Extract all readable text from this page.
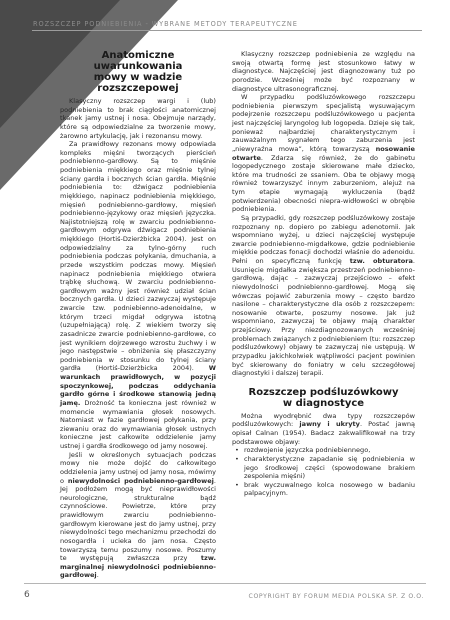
ROZSZCZEP PODNIEBIENIA - WYBRANE METODY TERAPEUTYCZNE
Anatomiczne uwarunkowania
mowy w wadzie rozszczepowej

Klasyczny rozszczep wargi i (lub) podniebienia to brak ciągłości anatomicznej tkanek jamy ustnej i nosa. Obejmuje narządy, które są odpowiedzialne za tworzenie mowy, żarowno artykulację, jak i rezonansu mowy.

Za prawidłowy rezonans mowy odpowiada kompleks mięśni tworzących pierścień podniebienno-gardłowy. Są to mięśnie podniebienia miękkiego oraz mięśnie tylnej ściany gardła i bocznych ścian gardła. Mięśnie podniebienia to: dźwigacz podniebienia miękkiego, napinacz podniebienia miękkiego, mięsień podniebienno-gardłowy, mięsień podniebienno-językowy oraz mięsień języczka. Najistotniejszą rolę w zwarciu podniebienno-gardłowym odgrywa dźwigacz podniebienia miękkiego (Hortiś-Dzierżbicka 2004). Jest on odpowiedzialny za tylno-górny ruch podniebienia podczas połykania, dmuchania, a przede wszystkim podczas mowy. Mięsień napinacz podniebienia miękkiego otwiera trąbkę słuchową. W zwarciu podniebienno-gardłowym ważny jest również udział ścian bocznych gardła. U dzieci zazwyczaj występuje zwarcie tzw. podniebienno-adenoidalne, w którym trzeci migdał odgrywa istotną (uzupełniającą) rolę. Z wiekiem tworzy się zasadnicze zwarcie podniebienno-gardłowe, co jest wynikiem dojrzewego wzrostu żuchwy i w jego następstwie – obniżenia się płaszczyzny podniebienia w stosunku do tylnej ściany gardła (Hortiś-Dzierżbicka 2004). W warunkach prawidłowych, w pozycji spoczynkowej, podczas oddychania gardło górne i środkowe stanowią jedną jamę. Drożność ta konieczna jest również w momencie wymawiania głosek nosowych. Natomiast w fazie gardłowej połykania, przy ziewaniu oraz do wymawiania głosek ustnych konieczne jest całkowite oddzielenie jamy ustnej i gardła środkowego od jamy nosowej.

Jeśli w określonych sytuacjach podczas mowy nie może dojść do całkowitego oddzielenia jamy ustnej od jamy nosa, mówimy o niewydolności podniebienno-gardłowej. Jej podłożem mogą być nieprawidłowości neurologiczne, strukturalne bądź czynnościowe. Powietrze, które przy prawidłowym zwarciu podniebienno-gardłowym kierowane jest do jamy ustnej, przy niewydolności tego mechanizmu przechodzi do nosogardła i ucieka do jam nosa. Często towarzyszą temu poszumy nosowe. Poszumy te występują zwłaszcza przy tzw. marginalnej niewydolności podniebienno-gardłowej.

Klasyczny rozszczep podniebienia ze względu na swoją otwartą formę jest stosunkowo łatwy w diagnostyce. Najczęściej jest diagnozowany tuż po porodzie. Wcześniej może być rozpoznany w diagnostyce ultrasonograficznej.

W przypadku podśluzówkowego rozszczepu podniebienia pierwszym specjalistą wysuwającym podejrzenie rozszczepu podśluzówkowego u pacjenta jest najczęściej laryngolog lub logopeda. Dzieje się tak, ponieważ najbardziej charakterystycznym i zauważalnym sygnałem tego zaburzenia jest „niewyraźna mowa”, którą towarzyszą nosowanie otwarte. Zdarza się również, że do gabinetu logopedycznego zostaje skierowane małe dziecko, które ma trudności ze ssaniem. Oba te objawy mogą również towarzyszyć innym zaburzeniom, alejuż na tym etapie wymagają wykluczenia (bądź potwierdzenia) obecności niepra-widłowości w obrębie podniebienia.

Są przypadki, gdy rozszczep podśluzówkowy zostaje rozpoznany np. dopiero po zabiegu adenotomii. Jak wspomniano wyżej, u dzieci najczęściej występuje zwarcie podniebienno-migdałkowe, gdzie podniebienie miękkie podczas fonacji dochodzi właśnie do adenoidu. Pełni on specyficzną funkcję tzw. obturatora. Usunięcie migdałka zwiększa przestrzeń podniebienno-gardłową, dając – zazwyczaj przejściowo – efekt niewydolności podniebienno-gardłowej. Mogą się wówczas pojawić zaburzenia mowy – często bardzo nasilone – charakterystyczne dla osób z rozszczepem: nosowanie otwarte, poszumy nosowe. Jak już wspomniano, zazwyczaj te objawy mają charakter przejściowy. Przy niezdiagnozowanych wcześniej problemach związanych z podniebieniem (tu: rozszczep podśluzówkowy) objawy te zazwyczaj nie ustępują. W przypadku jakichkolwiek wątpliwości pacjent powinien być skierowany do foniatry w celu szczegółowej diagnostyki i dalszej terapii.

Rozszczep podśluzówkowy
w diagnostyce

Można wyodrębnić dwa typy rozszczepów podśluzówkowych: jawny i ukryty. Postać jawną opisał Calnan (1954). Badacz zakwalifikował na trzy podstawowe objawy:

• rozdwojenie języczka podniebiennego,
• charakterystyczne zapadanie się podniebienia w jego środkowej części (spowodowane brakiem zespolenia mięśni)
• brak wyczuwalnego kolca nosowego w badaniu palpacyjnym.
6	COPYRIGHT BY FORUM MEDIA POLSKA SP. Z O.O.
